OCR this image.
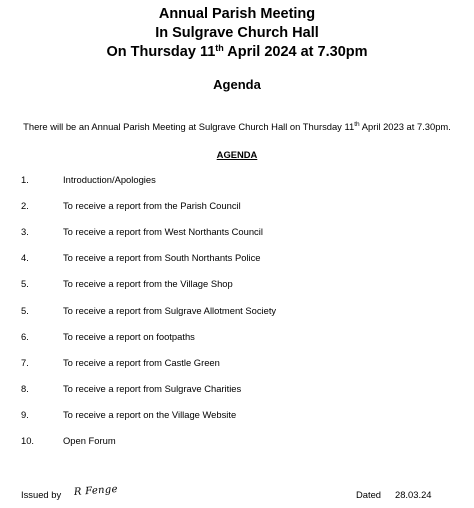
Annual Parish Meeting
In Sulgrave Church Hall
On Thursday 11th April 2024 at 7.30pm
Agenda
There will be an Annual Parish Meeting at Sulgrave Church Hall on Thursday 11th April 2023 at 7.30pm.
AGENDA
1.	Introduction/Apologies
2.	To receive a report from the Parish Council
3.	To receive a report from West Northants Council
4.	To receive a report from South Northants Police
5.	To receive a report from the Village Shop
5.	To receive a report from Sulgrave Allotment Society
6.	To receive a report on footpaths
7.	To receive a report from Castle Green
8.	To receive a report from Sulgrave Charities
9.	To receive a report on the Village Website
10.	Open Forum
Issued by R Fenge	Dated 28.03.24
